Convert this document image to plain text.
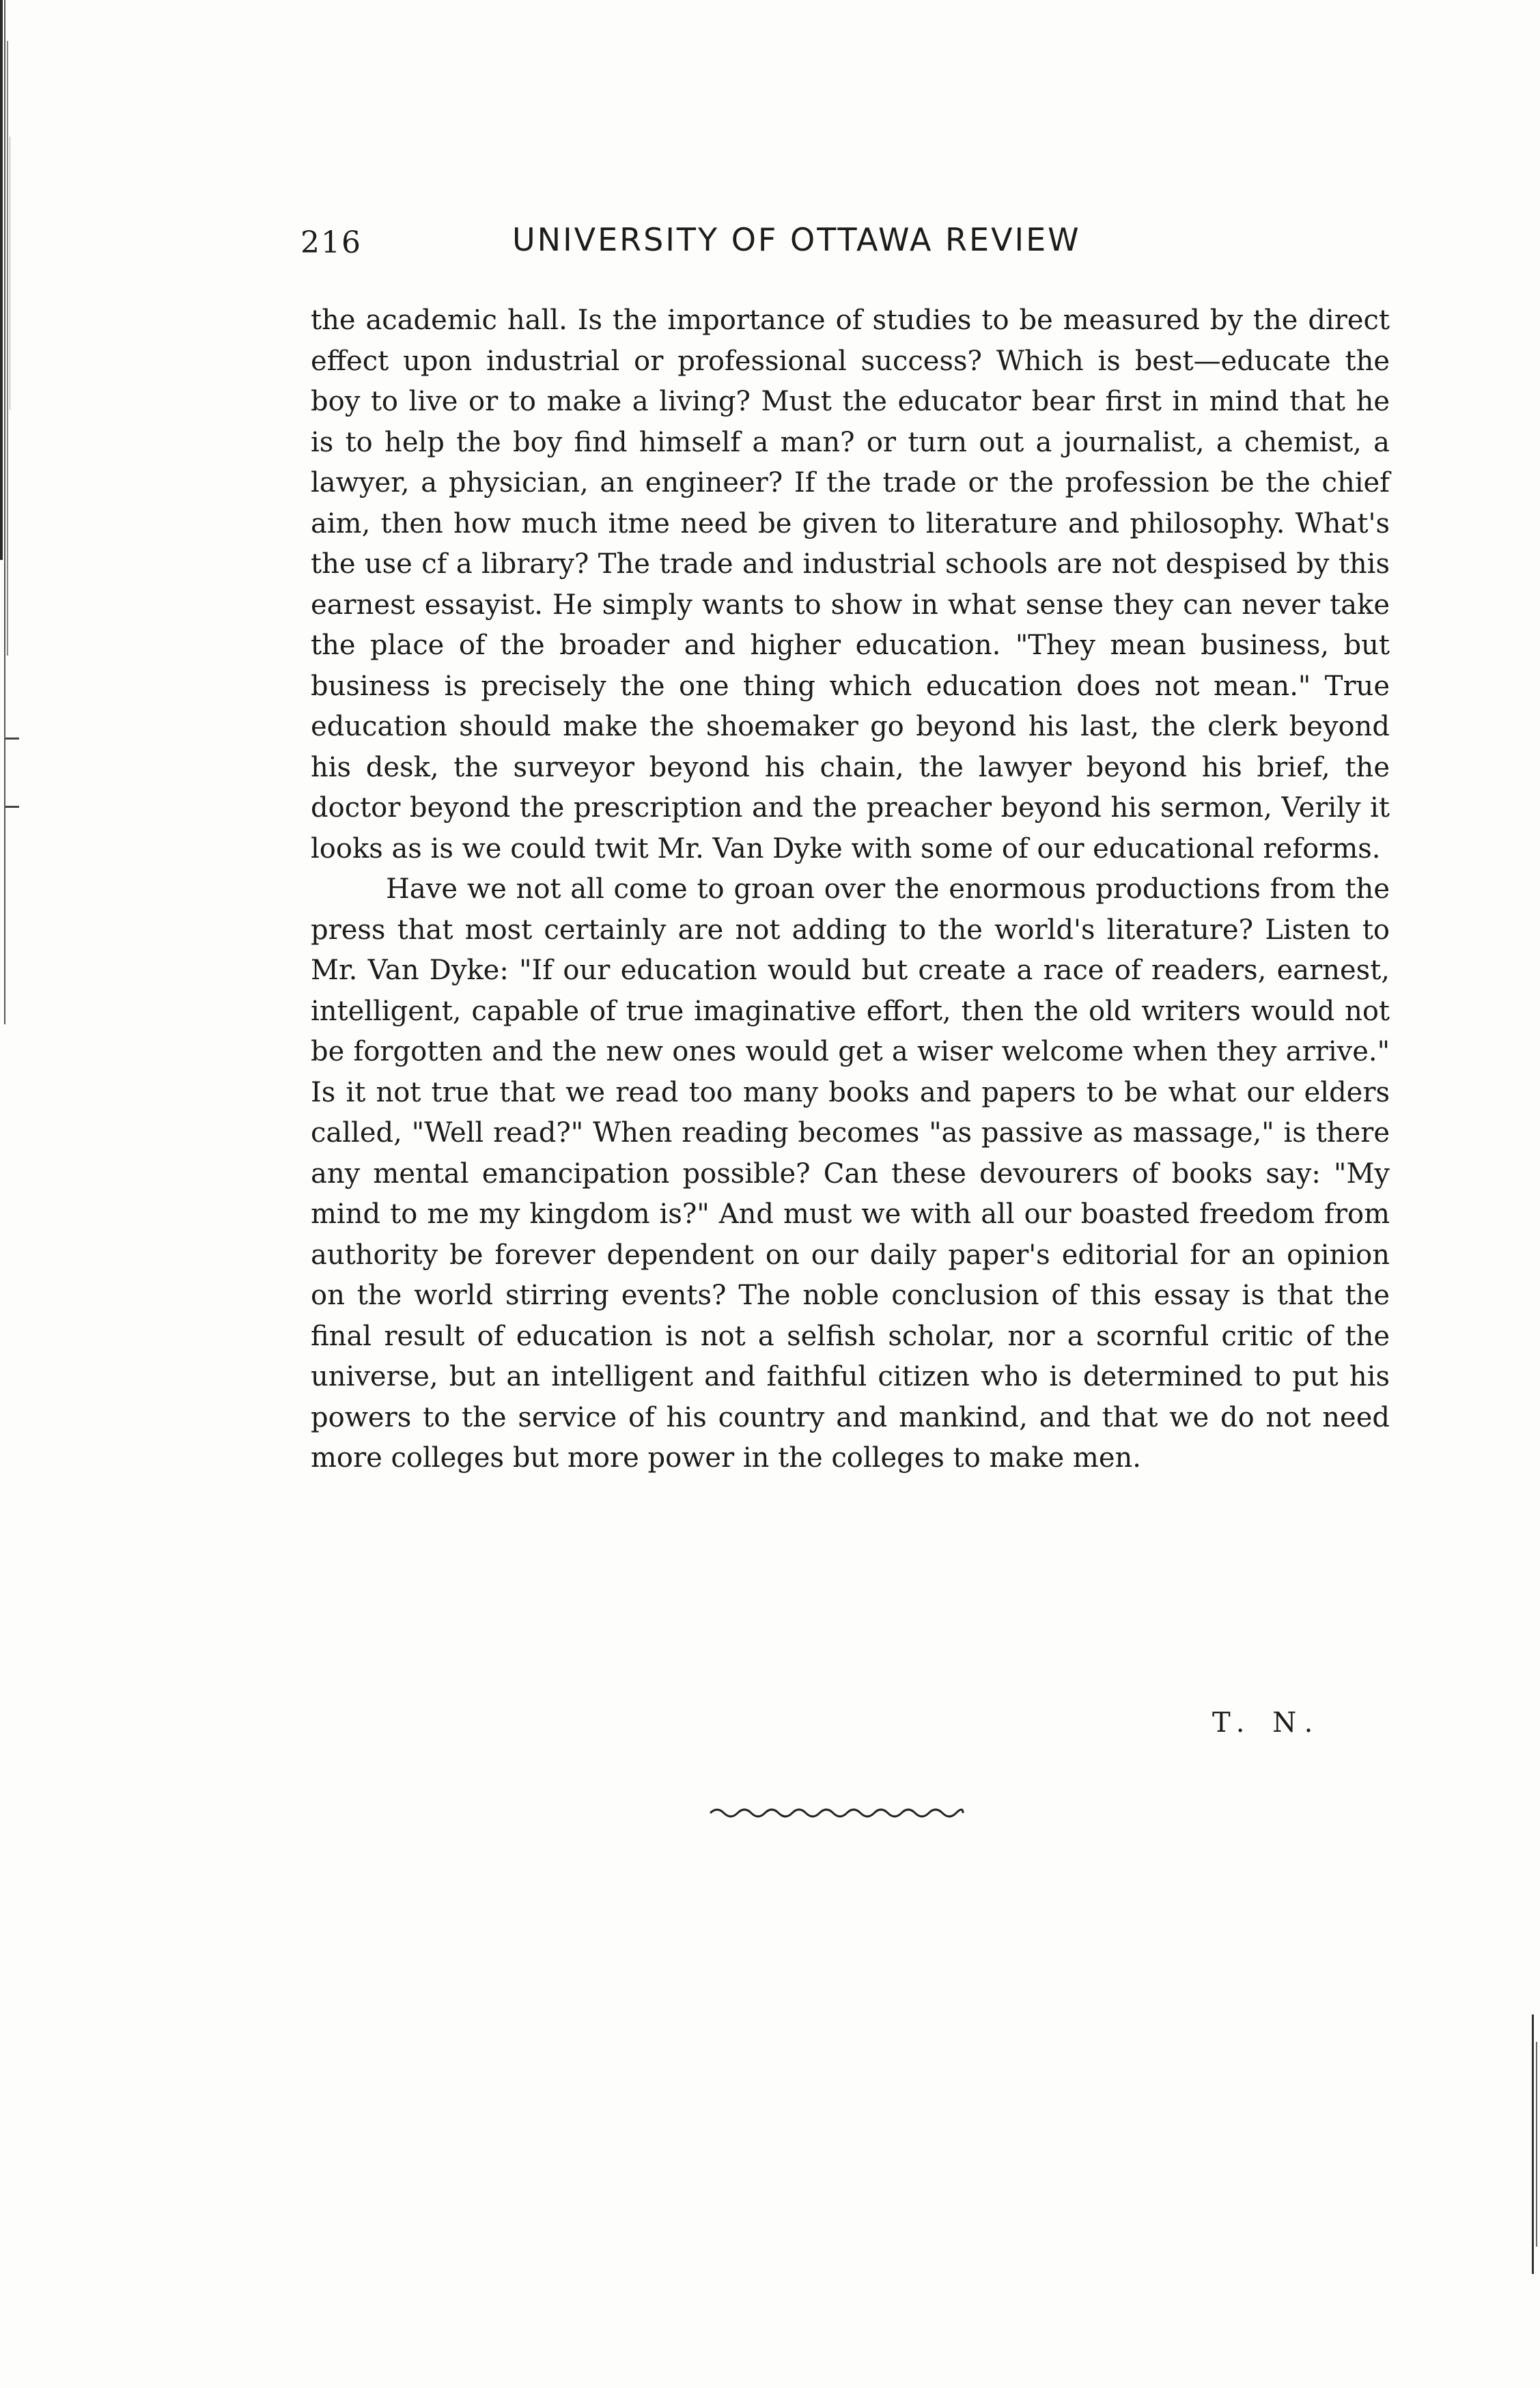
216	UNIVERSITY OF OTTAWA REVIEW

the academic hall. Is the importance of studies to be measured by the direct effect upon industrial or professional success? Which is best—educate the boy to live or to make a living? Must the educator bear first in mind that he is to help the boy find himself a man? or turn out a journalist, a chemist, a lawyer, a physician, an engineer? If the trade or the profession be the chief aim, then how much itme need be given to literature and philosophy. What's the use cf a library? The trade and industrial schools are not despised by this earnest essayist. He simply wants to show in what sense they can never take the place of the broader and higher education. "They mean business, but business is precisely the one thing which education does not mean." True education should make the shoemaker go beyond his last, the clerk beyond his desk, the surveyor beyond his chain, the lawyer beyond his brief, the doctor beyond the prescription and the preacher beyond his sermon, Verily it looks as is we could twit Mr. Van Dyke with some of our educational reforms.

Have we not all come to groan over the enormous productions from the press that most certainly are not adding to the world's literature? Listen to Mr. Van Dyke: "If our education would but create a race of readers, earnest, intelligent, capable of true imaginative effort, then the old writers would not be forgotten and the new ones would get a wiser welcome when they arrive." Is it not true that we read too many books and papers to be what our elders called, "Well read?" When reading becomes "as passive as massage," is there any mental emancipation possible? Can these devourers of books say: "My mind to me my kingdom is?" And must we with all our boasted freedom from authority be forever dependent on our daily paper's editorial for an opinion on the world stirring events? The noble conclusion of this essay is that the final result of education is not a selfish scholar, nor a scornful critic of the universe, but an intelligent and faithful citizen who is determined to put his powers to the service of his country and mankind, and that we do not need more colleges but more power in the colleges to make men.

T. N.
